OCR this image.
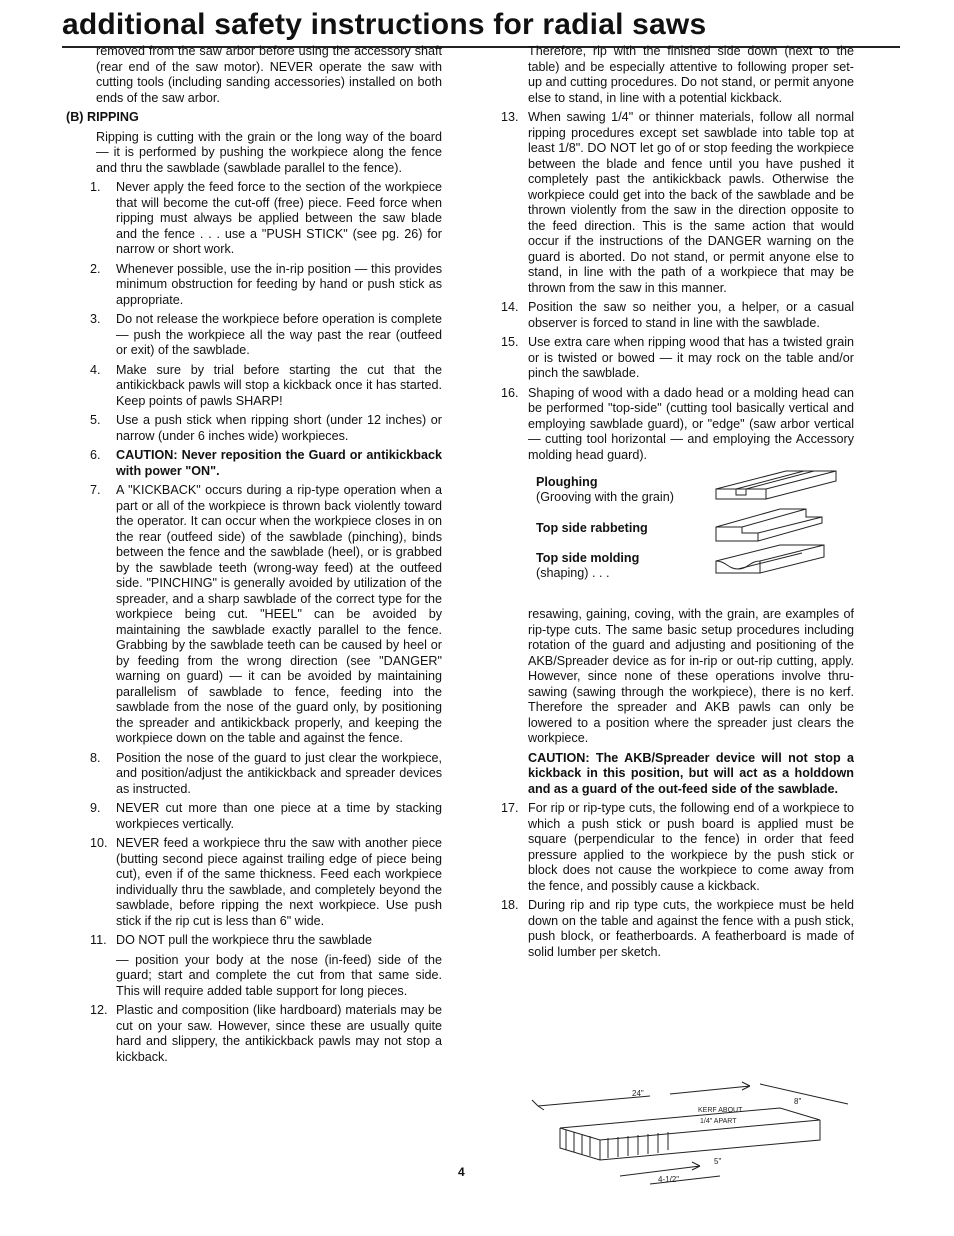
additional safety instructions for radial saws

removed from the saw arbor before using the accessory shaft (rear end of the saw motor). NEVER operate the saw with cutting tools (including sanding accessories) installed on both ends of the saw arbor.

(B) RIPPING

Ripping is cutting with the grain or the long way of the board — it is performed by pushing the workpiece along the fence and thru the sawblade (sawblade parallel to the fence).

1. Never apply the feed force to the section of the workpiece that will become the cut-off (free) piece. Feed force when ripping must always be applied between the saw blade and the fence . . . use a "PUSH STICK" (see pg. 26) for narrow or short work.
2. Whenever possible, use the in-rip position — this provides minimum obstruction for feeding by hand or push stick as appropriate.
3. Do not release the workpiece before operation is complete — push the workpiece all the way past the rear (outfeed or exit) of the sawblade.
4. Make sure by trial before starting the cut that the antikickback pawls will stop a kickback once it has started. Keep points of pawls SHARP!
5. Use a push stick when ripping short (under 12 inches) or narrow (under 6 inches wide) workpieces.
6. CAUTION: Never reposition the Guard or antikickback with power "ON".
7. A "KICKBACK" occurs during a rip-type operation when a part or all of the workpiece is thrown back violently toward the operator. It can occur when the workpiece closes in on the rear (outfeed side) of the sawblade (pinching), binds between the fence and the sawblade (heel), or is grabbed by the sawblade teeth (wrong-way feed) at the outfeed side. "PINCHING" is generally avoided by utilization of the spreader, and a sharp sawblade of the correct type for the workpiece being cut. "HEEL" can be avoided by maintaining the sawblade exactly parallel to the fence. Grabbing by the sawblade teeth can be caused by heel or by feeding from the wrong direction (see "DANGER" warning on guard) — it can be avoided by maintaining parallelism of sawblade to fence, feeding into the sawblade from the nose of the guard only, by positioning the spreader and antikickback properly, and keeping the workpiece down on the table and against the fence.
8. Position the nose of the guard to just clear the workpiece, and position/adjust the antikickback and spreader devices as instructed.
9. NEVER cut more than one piece at a time by stacking workpieces vertically.
10. NEVER feed a workpiece thru the saw with another piece (butting second piece against trailing edge of piece being cut), even if of the same thickness. Feed each workpiece individually thru the sawblade, and completely beyond the sawblade, before ripping the next workpiece. Use push stick if the rip cut is less than 6" wide.
11. DO NOT pull the workpiece thru the sawblade
— position your body at the nose (in-feed) side of the guard; start and complete the cut from that same side. This will require added table support for long pieces.
12. Plastic and composition (like hardboard) materials may be cut on your saw. However, since these are usually quite hard and slippery, the antikickback pawls may not stop a kickback.

Therefore, rip with the finished side down (next to the table) and be especially attentive to following proper set-up and cutting procedures. Do not stand, or permit anyone else to stand, in line with a potential kickback.

13. When sawing 1/4" or thinner materials, follow all normal ripping procedures except set sawblade into table top at least 1/8". DO NOT let go of or stop feeding the workpiece between the blade and fence until you have pushed it completely past the antikickback pawls. Otherwise the workpiece could get into the back of the sawblade and be thrown violently from the saw in the direction opposite to the feed direction. This is the same action that would occur if the instructions of the DANGER warning on the guard is aborted. Do not stand, or permit anyone else to stand, in line with the path of a workpiece that may be thrown from the saw in this manner.
14. Position the saw so neither you, a helper, or a casual observer is forced to stand in line with the sawblade.
15. Use extra care when ripping wood that has a twisted grain or is twisted or bowed — it may rock on the table and/or pinch the sawblade.
16. Shaping of wood with a dado head or a molding head can be performed "top-side" (cutting tool basically vertical and employing sawblade guard), or "edge" (saw arbor vertical — cutting tool horizontal — and employing the Accessory molding head guard).
Ploughing
(Grooving with the grain)
Top side rabbeting
Top side molding
(shaping) . . .

resawing, gaining, coving, with the grain, are examples of rip-type cuts. The same basic setup procedures including rotation of the guard and adjusting and positioning of the AKB/Spreader device as for in-rip or out-rip cutting, apply. However, since none of these operations involve thru-sawing (sawing through the workpiece), there is no kerf. Therefore the spreader and AKB pawls can only be lowered to a position where the spreader just clears the workpiece.

CAUTION: The AKB/Spreader device will not stop a kickback in this position, but will act as a holddown and as a guard of the out-feed side of the sawblade.

17. For rip or rip-type cuts, the following end of a workpiece to which a push stick or push board is applied must be square (perpendicular to the fence) in order that feed pressure applied to the workpiece by the push stick or block does not cause the workpiece to come away from the fence, and possibly cause a kickback.
18. During rip and rip type cuts, the workpiece must be held down on the table and against the fence with a push stick, push block, or featherboards. A featherboard is made of solid lumber per sketch.
24"
8"
KERF ABOUT
1/4" APART
5"
4-1/2"
4
